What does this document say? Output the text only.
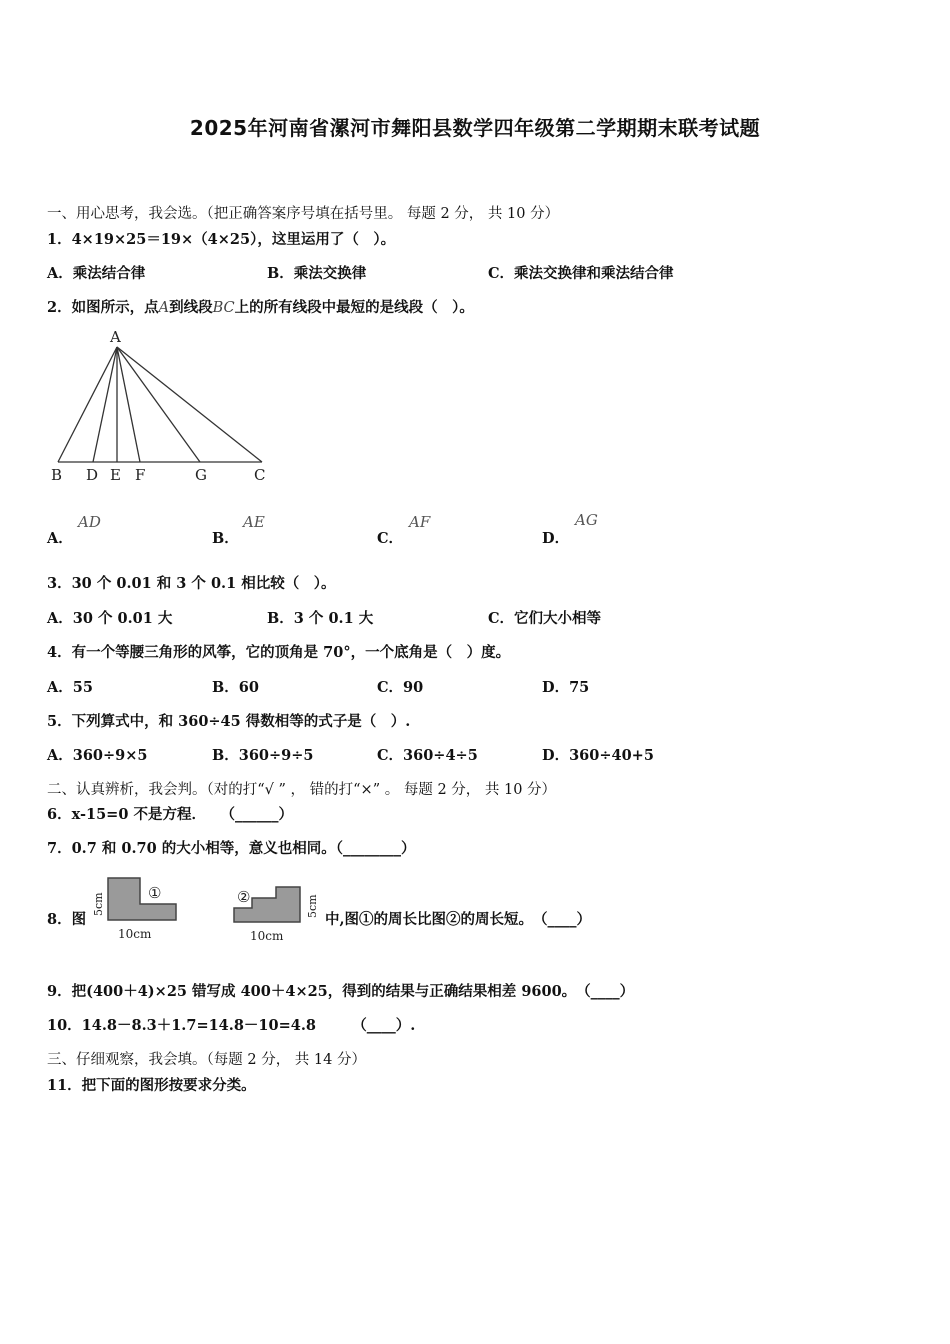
2025年河南省漯河市舞阳县数学四年级第二学期期末联考试题
一、用心思考，我会选。（把正确答案序号填在括号里。 每题 2 分， 共 10 分）
1．4×19×25＝19×（4×25），这里运用了（　）。
A．乘法结合律	B．乘法交换律	C．乘法交换律和乘法结合律
2．如图所示，点A到线段BC上的所有线段中最短的是线段（　）。
A
B D E F	G	C
A．
AD
B．
AE
C．
AF
D．
AG
3．30 个 0.01 和 3 个 0.1 相比较（　）。
A．30 个 0.01 大	B．3 个 0.1 大	C．它们大小相等
4．有一个等腰三角形的风筝，它的顶角是 70°，一个底角是（　）度。
A．55	B．60	C．90	D．75
5．下列算式中，和 360÷45 得数相等的式子是（　）.
A．360÷9×5	B．360÷9÷5	C．360÷4÷5	D．360÷40+5
二、认真辨析，我会判。（对的打“√ ” ， 错的打“×” 。 每题 2 分， 共 10 分）
6．x-15=0 不是方程．　　（______）
7．0.7 和 0.70 的大小相等，意义也相同。（________）
8．图
①
5cm
10cm
②	5cm
10cm
中,图①的周长比图②的周长短。　（____）
9．把(400＋4)×25 错写成 400＋4×25，得到的结果与正确结果相差 9600。　（____）
10．14.8－8.3＋1.7=14.8－10=4.8　　　（____）.
三、仔细观察，我会填。（每题 2 分， 共 14 分）
11．把下面的图形按要求分类。
